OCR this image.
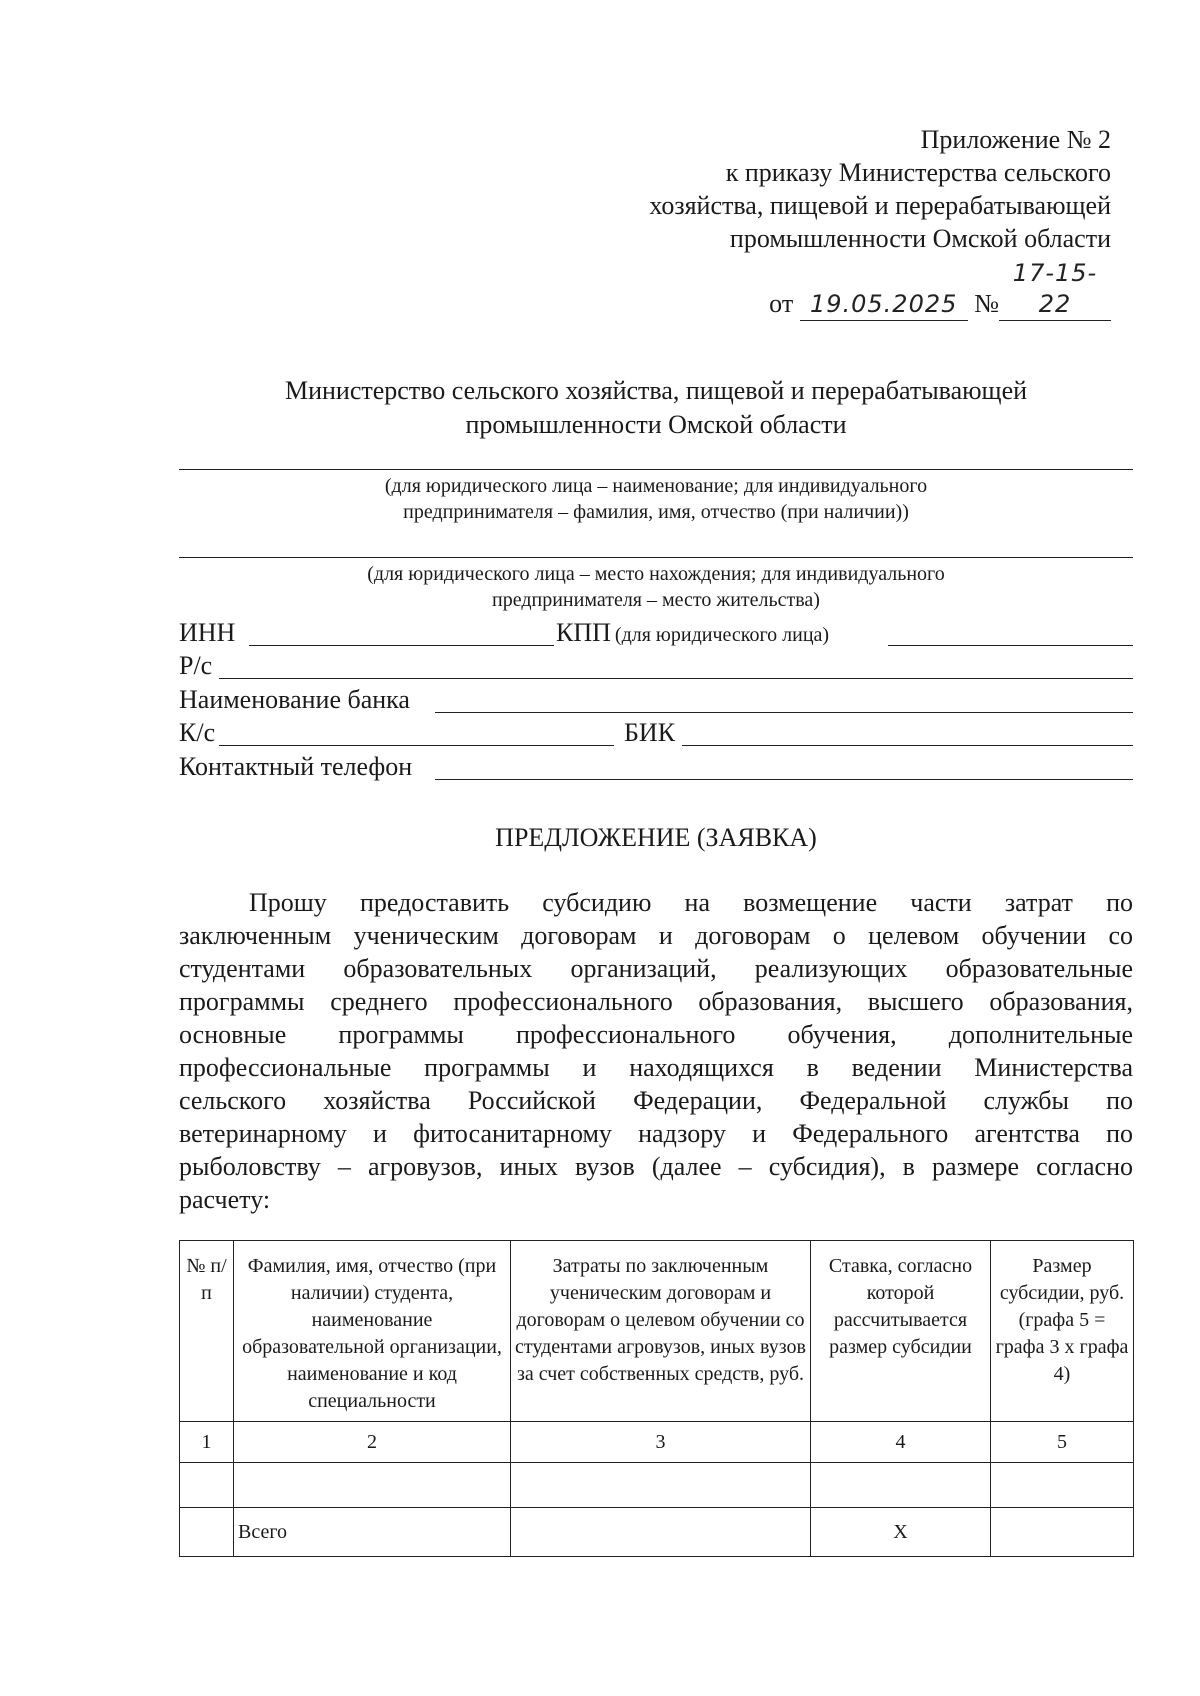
Приложение № 2
к приказу Министерства сельского
хозяйства, пищевой и перерабатывающей
промышленности Омской области
от 19.05.2025 №17-15-22
Министерство сельского хозяйства, пищевой и перерабатывающей
промышленности Омской области
(для юридического лица – наименование; для индивидуального
предпринимателя – фамилия, имя, отчество (при наличии))
(для юридического лица – место нахождения; для индивидуального
предпринимателя – место жительства)
ИНН	КПП (для юридического лица)
Р/с
Наименование банка
К/с	БИК
Контактный телефон
ПРЕДЛОЖЕНИЕ (ЗАЯВКА)
Прошу предоставить субсидию на возмещение части затрат по
заключенным ученическим договорам и договорам о целевом обучении со
студентами образовательных организаций, реализующих образовательные
программы среднего профессионального образования, высшего образования,
основные программы профессионального обучения, дополнительные
профессиональные программы и находящихся в ведении Министерства
сельского хозяйства Российской Федерации, Федеральной службы по
ветеринарному и фитосанитарному надзору и Федерального агентства по
рыболовству – агровузов, иных вузов (далее – субсидия), в размере согласно
расчету:
№ п/п	Фамилия, имя, отчество (при наличии) студента, наименование образовательной организации, наименование и код специальности	Затраты по заключенным ученическим договорам и договорам о целевом обучении со студентами агровузов, иных вузов за счет собственных средств, руб.	Ставка, согласно которой рассчитывается размер субсидии	Размер субсидии, руб. (графа 5 = графа 3 х графа 4)
1	2	3	4	5

	Всего		X	
